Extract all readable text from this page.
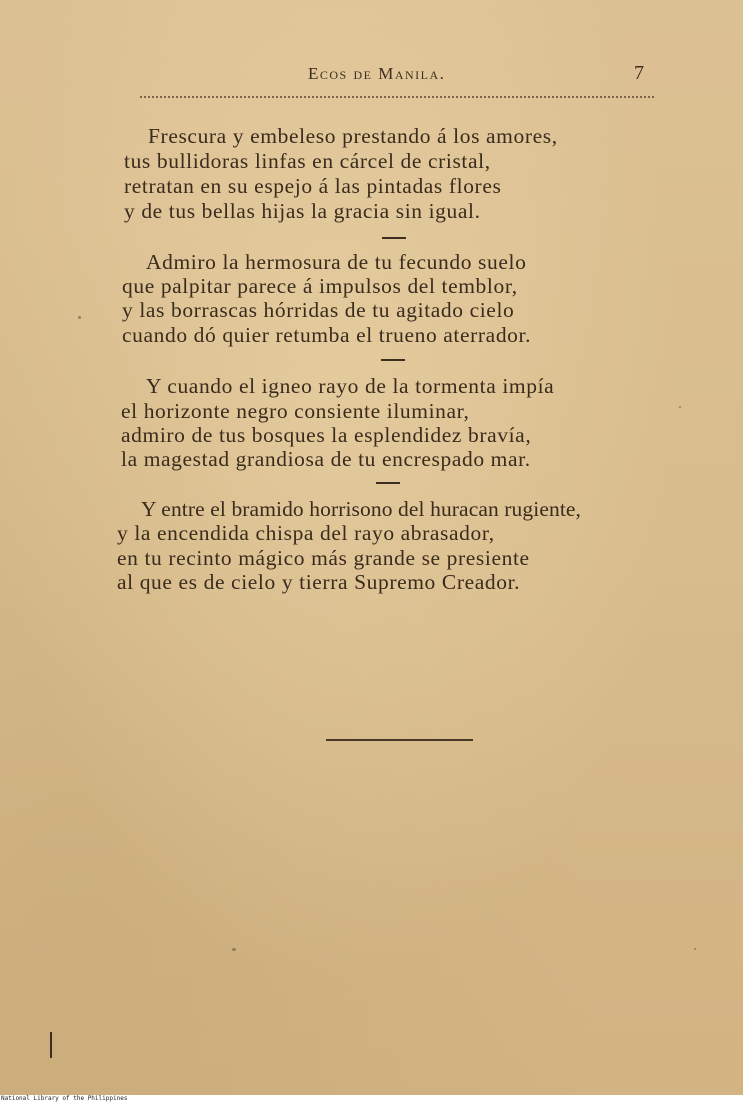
Ecos de Manila.	7
Frescura y embeleso prestando á los amores,
tus bullidoras linfas en cárcel de cristal,
retratan en su espejo á las pintadas flores
y de tus bellas hijas la gracia sin igual.
Admiro la hermosura de tu fecundo suelo
que palpitar parece á impulsos del temblor,
y las borrascas hórridas de tu agitado cielo
cuando dó quier retumba el trueno aterrador.
Y cuando el igneo rayo de la tormenta impía
el horizonte negro consiente iluminar,
admiro de tus bosques la esplendidez bravía,
la magestad grandiosa de tu encrespado mar.
Y entre el bramido horrisono del huracan rugiente,
y la encendida chispa del rayo abrasador,
en tu recinto mágico más grande se presiente
al que es de cielo y tierra Supremo Creador.
National Library of the Philippines
